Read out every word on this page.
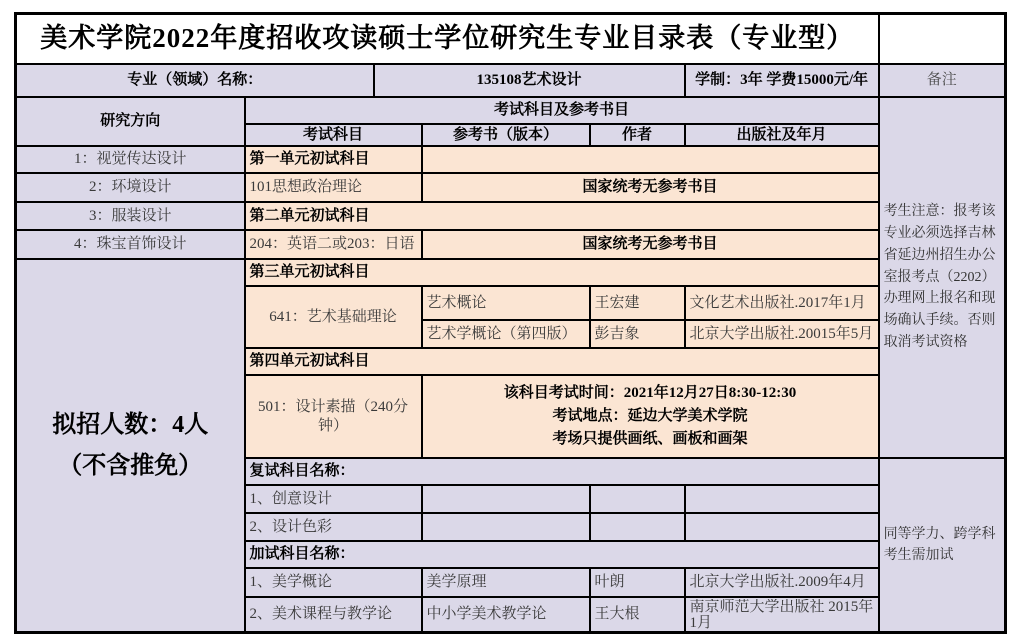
美术学院2022年度招收攻读硕士学位研究生专业目录表（专业型）						
专业（领域）名称：		135108艺术设计			学制：3年 学费15000元/年	备注
研究方向	考试科目及参考书目					考生注意：报考该专业必须选择吉林省延边州招生办公室报考点（2202）办理网上报名和现场确认手续。否则取消考试资格
	考试科目		参考书（版本）	作者	出版社及年月	
1：视觉传达设计	第一单元初试科目					
2：环境设计	101思想政治理论		国家统考无参考书目			
3：服装设计	第二单元初试科目					
4：珠宝首饰设计	204：英语二或203：日语		国家统考无参考书目			

拟招人数：4人
（不含推免）	第三单元初试科目					
	641：艺术基础理论		艺术概论	王宏建	文化艺术出版社.2017年1月	
			艺术学概论（第四版）	彭吉象	北京大学出版社.20015年5月	
	第四单元初试科目					
	501：设计素描（240分钟）		该科目考试时间：2021年12月27日8:30-12:30
考试地点：延边大学美术学院
考场只提供画纸、画板和画架			

	复试科目名称：					同等学力、跨学科考生需加试
	1、创意设计					
	2、设计色彩					
	加试科目名称：					
	1、美学概论		美学原理	叶朗	北京大学出版社.2009年4月	
	2、美术课程与教学论		中小学美术教学论	王大根	南京师范大学出版社 2015年1月	
